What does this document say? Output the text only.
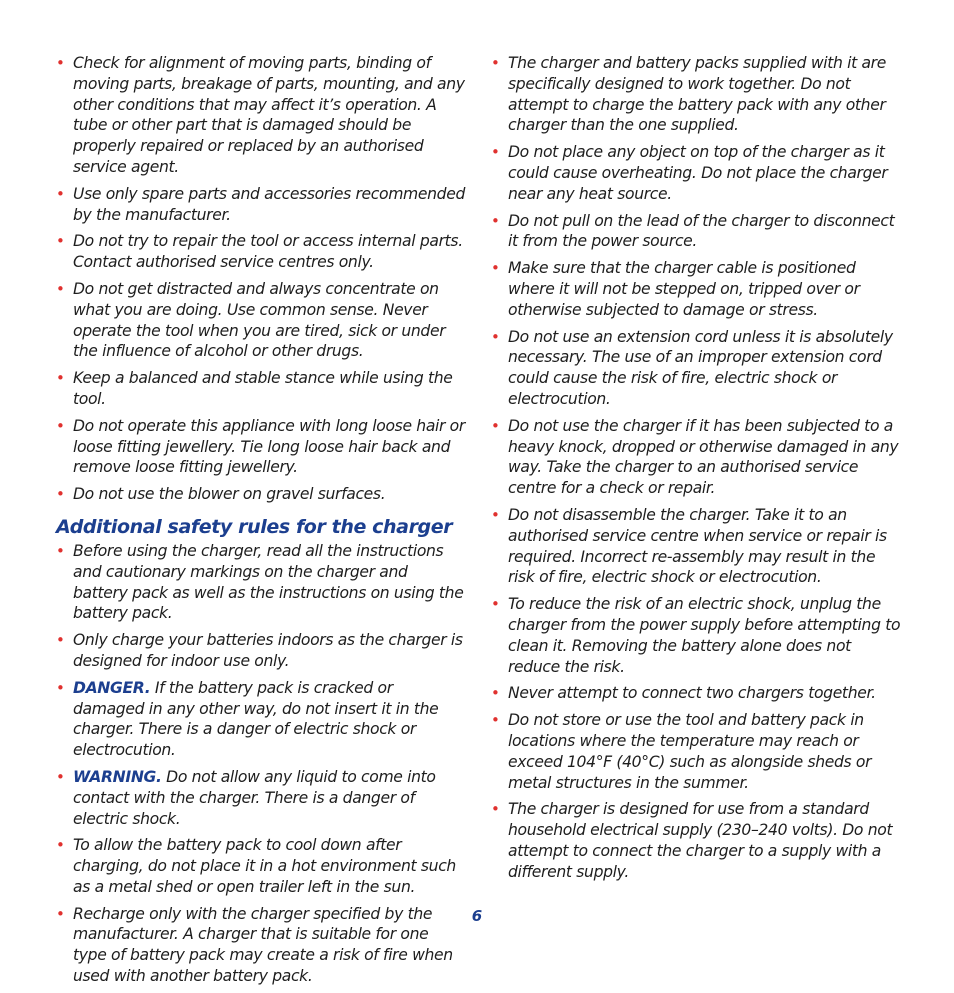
• Check for alignment of moving parts, binding of moving parts, breakage of parts, mounting, and any other conditions that may affect it’s operation. A tube or other part that is damaged should be properly repaired or replaced by an authorised service agent.
• Use only spare parts and accessories recommended by the manufacturer.
• Do not try to repair the tool or access internal parts. Contact authorised service centres only.
• Do not get distracted and always concentrate on what you are doing. Use common sense. Never operate the tool when you are tired, sick or under the influence of alcohol or other drugs.
• Keep a balanced and stable stance while using the tool.
• Do not operate this appliance with long loose hair or loose fitting jewellery. Tie long loose hair back and remove loose fitting jewellery.
• Do not use the blower on gravel surfaces.
Additional safety rules for the charger
• Before using the charger, read all the instructions and cautionary markings on the charger and battery pack as well as the instructions on using the battery pack.
• Only charge your batteries indoors as the charger is designed for indoor use only.
• DANGER. If the battery pack is cracked or damaged in any other way, do not insert it in the charger. There is a danger of electric shock or electrocution.
• WARNING. Do not allow any liquid to come into contact with the charger. There is a danger of electric shock.
• To allow the battery pack to cool down after charging, do not place it in a hot environment such as a metal shed or open trailer left in the sun.
• Recharge only with the charger specified by the manufacturer. A charger that is suitable for one type of battery pack may create a risk of fire when used with another battery pack.
• The charger and battery packs supplied with it are specifically designed to work together. Do not attempt to charge the battery pack with any other charger than the one supplied.
• Do not place any object on top of the charger as it could cause overheating. Do not place the charger near any heat source.
• Do not pull on the lead of the charger to disconnect it from the power source.
• Make sure that the charger cable is positioned where it will not be stepped on, tripped over or otherwise subjected to damage or stress.
• Do not use an extension cord unless it is absolutely necessary. The use of an improper extension cord could cause the risk of fire, electric shock or electrocution.
• Do not use the charger if it has been subjected to a heavy knock, dropped or otherwise damaged in any way. Take the charger to an authorised service centre for a check or repair.
• Do not disassemble the charger. Take it to an authorised service centre when service or repair is required. Incorrect re-assembly may result in the risk of fire, electric shock or electrocution.
• To reduce the risk of an electric shock, unplug the charger from the power supply before attempting to clean it. Removing the battery alone does not reduce the risk.
• Never attempt to connect two chargers together.
• Do not store or use the tool and battery pack in locations where the temperature may reach or exceed 104°F (40°C) such as alongside sheds or metal structures in the summer.
• The charger is designed for use from a standard household electrical supply (230–240 volts). Do not attempt to connect the charger to a supply with a different supply.
6
